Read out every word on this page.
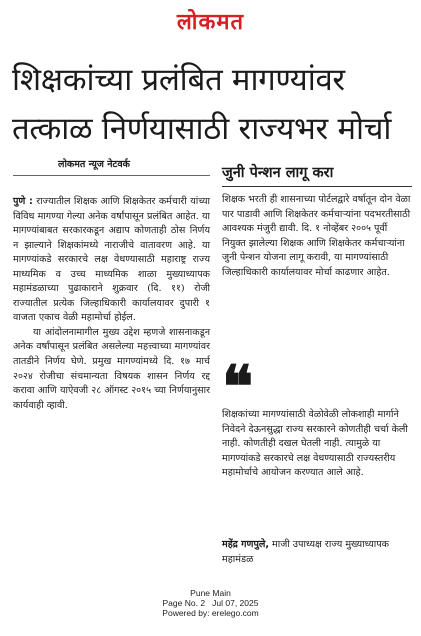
लोकमत
शिक्षकांच्या प्रलंबित मागण्यांवर
तत्काळ निर्णयासाठी राज्यभर मोर्चा
लोकमत न्यूज नेटवर्क

पुणे : राज्यातील शिक्षक आणि शिक्षकेतर कर्मचारी यांच्या विविध मागण्या गेल्या अनेक वर्षांपासून प्रलंबित आहेत. या मागण्यांबाबत सरकारकडून अद्याप कोणताही ठोस निर्णय न झाल्याने शिक्षकांमध्ये नाराजीचे वातावरण आहे. या मागण्यांकडे सरकारचे लक्ष वेधण्यासाठी महाराष्ट्र राज्य माध्यमिक व उच्च माध्यमिक शाळा मुख्याध्यापक महामंडळाच्या पुढाकाराने शुक्रवार (दि. ११) रोजी राज्यातील प्रत्येक जिल्हाधिकारी कार्यालयावर दुपारी १ वाजता एकाच वेळी महामोर्चा होईल.

या आंदोलनामागील मुख्य उद्देश म्हणजे शासनाकडून अनेक वर्षांपासून प्रलंबित असलेल्या महत्त्वाच्या मागण्यांवर तातडीने निर्णय घेणे. प्रमुख मागण्यांमध्ये दि. १७ मार्च २०२४ रोजीचा संचमान्यता विषयक शासन निर्णय रद्द करावा आणि याऐवजी २८ ऑगस्ट २०१५ च्या निर्णयानुसार कार्यवाही व्हावी.

जुनी पेन्शन लागू करा
शिक्षक भरती ही शासनाच्या पोर्टलद्वारे वर्षातून दोन वेळा पार पाडावी आणि शिक्षकेतर कर्मचाऱ्यांना पदभरतीसाठी आवश्यक मंजुरी द्यावी. दि. १ नोव्हेंबर २००५ पूर्वी नियुक्त झालेल्या शिक्षक आणि शिक्षकेतर कर्मचाऱ्यांना जुनी पेन्शन योजना लागू करावी, या मागण्यांसाठी जिल्हाधिकारी कार्यालयावर मोर्चा काढणार आहेत.
❝
शिक्षकांच्या मागण्यांसाठी वेळोवेळी लोकशाही मार्गाने निवेदने देऊनसुद्धा राज्य सरकारने कोणतीही चर्चा केली नाही. कोणतीही दखल घेतली नाही. त्यामुळे या मागण्यांकडे सरकारचे लक्ष वेधण्यासाठी राज्यस्तरीय महामोर्चाचे आयोजन करण्यात आले आहे.
महेंद्र गणपुले, माजी उपाध्यक्ष राज्य मुख्याध्यापक महामंडळ
Pune Main
Page No. 2 Jul 07, 2025
Powered by: erelego.com
